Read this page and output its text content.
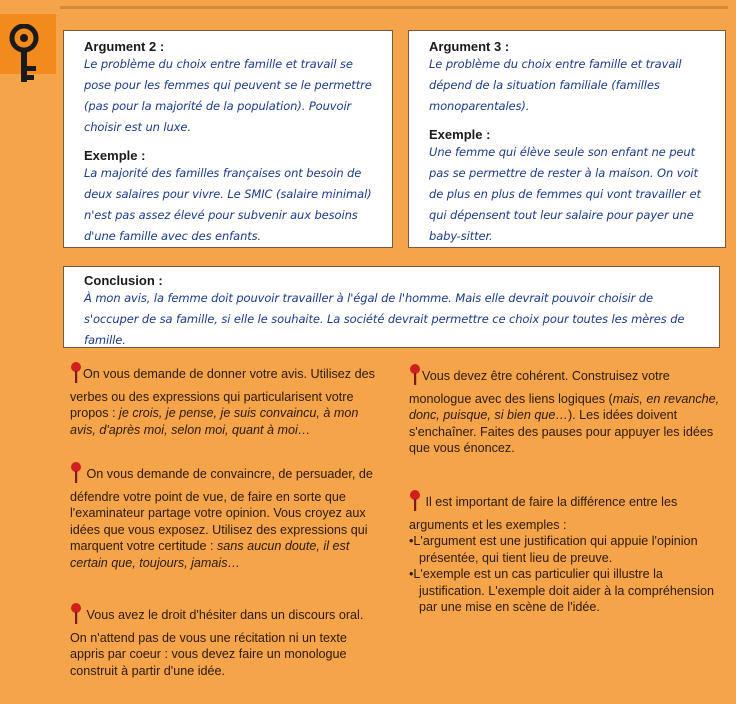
Argument 2 :

Le problème du choix entre famille et travail se pose pour les femmes qui peuvent se le permettre (pas pour la majorité de la population). Pouvoir choisir est un luxe.

Exemple :

La majorité des familles françaises ont besoin de deux salaires pour vivre. Le SMIC (salaire minimal) n'est pas assez élevé pour subvenir aux besoins d'une famille avec des enfants.

Argument 3 :

Le problème du choix entre famille et travail dépend de la situation familiale (familles monoparentales).

Exemple :

Une femme qui élève seule son enfant ne peut pas se permettre de rester à la maison. On voit de plus en plus de femmes qui vont travailler et qui dépensent tout leur salaire pour payer une baby-sitter.

Conclusion :

À mon avis, la femme doit pouvoir travailler à l'égal de l'homme. Mais elle devrait pouvoir choisir de s'occuper de sa famille, si elle le souhaite. La société devrait permettre ce choix pour toutes les mères de famille.

On vous demande de donner votre avis. Utilisez des verbes ou des expressions qui particularisent votre propos : je crois, je pense, je suis convaincu, à mon avis, d'après moi, selon moi, quant à moi…
On vous demande de convaincre, de persuader, de défendre votre point de vue, de faire en sorte que l'examinateur partage votre opinion. Vous croyez aux idées que vous exposez. Utilisez des expressions qui marquent votre certitude : sans aucun doute, il est certain que, toujours, jamais…
Vous avez le droit d'hésiter dans un discours oral. On n'attend pas de vous une récitation ni un texte appris par coeur : vous devez faire un monologue construit à partir d'une idée.
Vous devez être cohérent. Construisez votre monologue avec des liens logiques (mais, en revanche, donc, puisque, si bien que…). Les idées doivent s'enchaîner. Faites des pauses pour appuyer les idées que vous énoncez.
Il est important de faire la différence entre les arguments et les exemples :
•L'argument est une justification qui appuie l'opinion présentée, qui tient lieu de preuve.
•L'exemple est un cas particulier qui illustre la justification. L'exemple doit aider à la compréhension par une mise en scène de l'idée.
